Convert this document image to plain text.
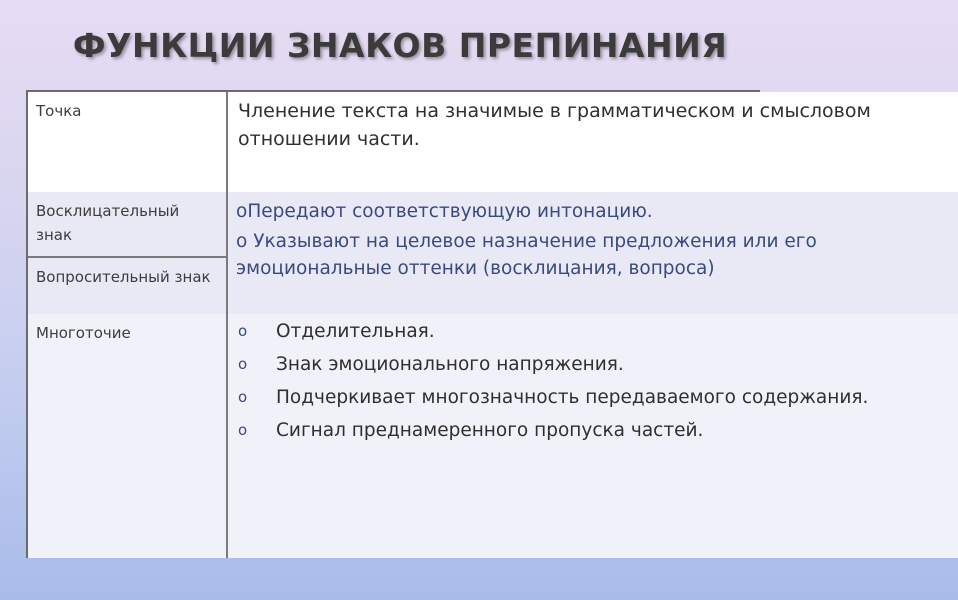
ФУНКЦИИ ЗНАКОВ ПРЕПИНАНИЯ
Точка	Членение текста на значимые в грамматическом и смысловом отношении части.
Восклицательный знак
Вопросительный знак

oПередают соответствующую интонацию.

o Указывают на целевое назначение предложения или его эмоциональные оттенки (восклицания, вопроса)

Многоточие	o Отделительная.
o Знак эмоционального напряжения.
o Подчеркивает многозначность передаваемого содержания.
o Сигнал преднамеренного пропуска частей.
